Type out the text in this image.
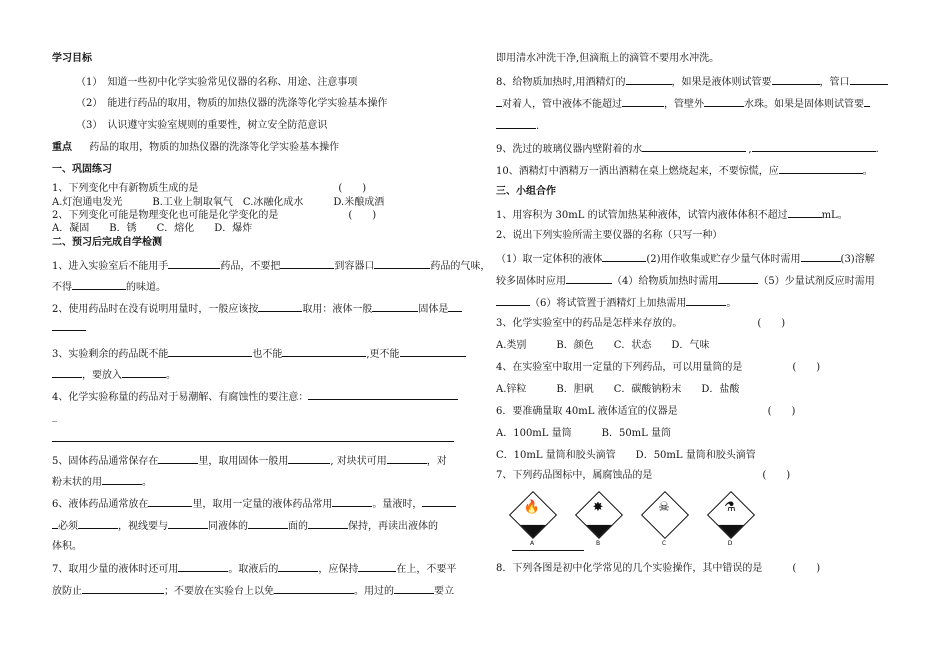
学习目标
（1）　知道一些初中化学实验常见仪器的名称、用途、注意事项
（2）　能进行药品的取用，物质的加热仪器的洗涤等化学实验基本操作
（3）　认识遵守实验室规则的重要性，树立安全防范意识
重点 药品的取用，物质的加热仪器的洗涤等化学实验基本操作
一、巩固练习
1、下列变化中有新物质生成的是　　　　　　　　　　　　　　(　　)
A.灯泡通电发光　　　B.工业上制取氧气　C.冰融化成水　　　D.米酿成酒
2、下列变化可能是物理变化也可能是化学变化的是　　　　　　　(　　)
A．凝固　　B．锈　　C．熔化　　D．爆炸
二、预习后完成自学检测
1、进入实验室后不能用手	药品，不要把	到容器口	药品的气味，
不得	的味道。
2、使用药品时在没有说明用量时，一般应该按	取用：液体一般	固体是
3、实验剩余的药品既不能	也不能	,更不能
，要放入	。
4、化学实验称量的药品对于易潮解、有腐蚀性的要注意：
_
5、固体药品通常保存在	里，取用固体一般用	, 对块状可用	，对
粉末状的用	。
6、液体药品通常放在	里，取用一定量的液体药品常用	。量液时，
必须	，视线要与	同液体的	面的	保持，再读出液体的
体积。
7、取用少量的液体时还可用	。取液后的	，应保持	在上，不要平
放防止	；不要放在实验台上以免	。用过的	要立
即用清水冲洗干净,但滴瓶上的滴管不要用水冲洗。
8、给物质加热时,用酒精灯的	，如果是液体则试管要	，管口
对着人，管中液体不能超过	，管壁外	水珠。如果是固体则试管要
.
9、洗过的玻璃仪器内壁附着的水	,	.
10、酒精灯中酒精万一洒出酒精在桌上燃烧起来，不要惊慌，应	。
三、小组合作
1、用容积为 30mL 的试管加热某种液体，试管内液体体积不超过	mL。
2、说出下列实验所需主要仪器的名称（只写一种）
（1）取一定体积的液体	(2)用作收集或贮存少量气体时需用	(3)溶解
较多固体时应用	（4）给物质加热时需用	（5）少量试剂反应时需用
（6）将试管置于酒精灯上加热需用	。
3、化学实验室中的药品是怎样来存放的。　　　　　　　　(　　)
A.类别　　　B．颜色　　C．状态　　D．气味
4、在实验室中取用一定量的下列药品，可以用量筒的是　　　　　(　　)
A.锌粒　　　B．胆矾　　C．碳酸钠粉末　　D．盐酸
6．要准确量取 40mL 液体适宜的仪器是　　　　　　　　　(　　)
A．100mL 量筒　　　B．50mL 量筒
C．10mL 量筒和胶头滴管　　D．50mL 量筒和胶头滴管
7、下列药品图标中，属腐蚀品的是　　　　　　　　　　　(　　)
🔥
A
✸
B
☠
C
⚗
D
8．下列各图是初中化学常见的几个实验操作，其中错误的是　　　(　　)
